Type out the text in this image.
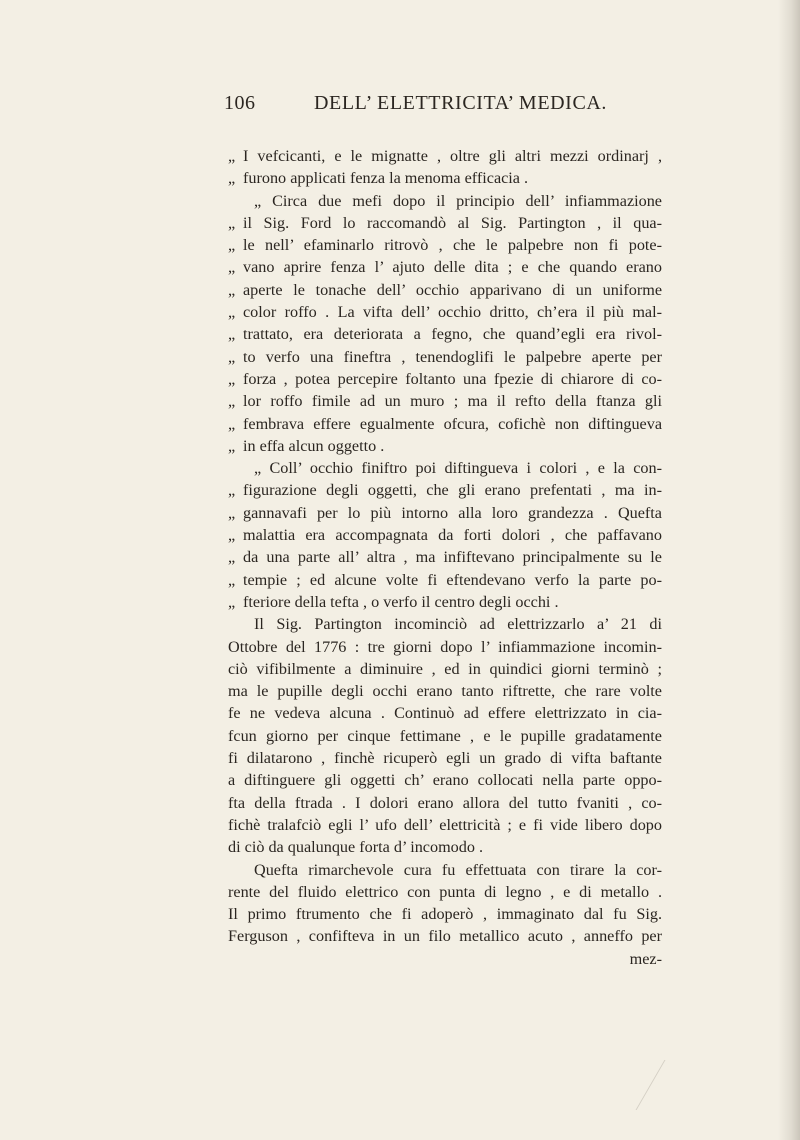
106	DELL’ ELETTRICITA’ MEDICA.
„ I vefcicanti, e le mignatte , oltre gli altri mezzi ordinarj ,
„ furono applicati fenza la menoma efficacia .
„ Circa due mefi dopo il principio dell’ infiammazione
„ il Sig. Ford lo raccomandò al Sig. Partington , il qua-
„ le nell’ efaminarlo ritrovò , che le palpebre non fi pote-
„ vano aprire fenza l’ ajuto delle dita ; e che quando erano
„ aperte le tonache dell’ occhio apparivano di un uniforme
„ color roffo . La vifta dell’ occhio dritto, ch’era il più mal-
„ trattato, era deteriorata a fegno, che quand’egli era rivol-
„ to verfo una fineftra , tenendoglifi le palpebre aperte per
„ forza , potea percepire foltanto una fpezie di chiarore di co-
„ lor roffo fimile ad un muro ; ma il refto della ftanza gli
„ fembrava effere egualmente ofcura, cofichè non diftingueva
„ in effa alcun oggetto .
„ Coll’ occhio finiftro poi diftingueva i colori , e la con-
„ figurazione degli oggetti, che gli erano prefentati , ma in-
„ gannavafi per lo più intorno alla loro grandezza . Quefta
„ malattia era accompagnata da forti dolori , che paffavano
„ da una parte all’ altra , ma infiftevano principalmente su le
„ tempie ; ed alcune volte fi eftendevano verfo la parte po-
„ fteriore della tefta , o verfo il centro degli occhi .
Il Sig. Partington incominciò ad elettrizzarlo a’ 21 di
Ottobre del 1776 : tre giorni dopo l’ infiammazione incomin-
ciò vifibilmente a diminuire , ed in quindici giorni terminò ;
ma le pupille degli occhi erano tanto riftrette, che rare volte
fe ne vedeva alcuna . Continuò ad effere elettrizzato in cia-
fcun giorno per cinque fettimane , e le pupille gradatamente
fi dilatarono , finchè ricuperò egli un grado di vifta baftante
a diftinguere gli oggetti ch’ erano collocati nella parte oppo-
fta della ftrada . I dolori erano allora del tutto fvaniti , co-
fichè tralafciò egli l’ ufo dell’ elettricità ; e fi vide libero dopo
di ciò da qualunque forta d’ incomodo .
Quefta rimarchevole cura fu effettuata con tirare la cor-
rente del fluido elettrico con punta di legno , e di metallo .
Il primo ftrumento che fi adoperò , immaginato dal fu Sig.
Ferguson , confifteva in un filo metallico acuto , anneffo per
mez-
